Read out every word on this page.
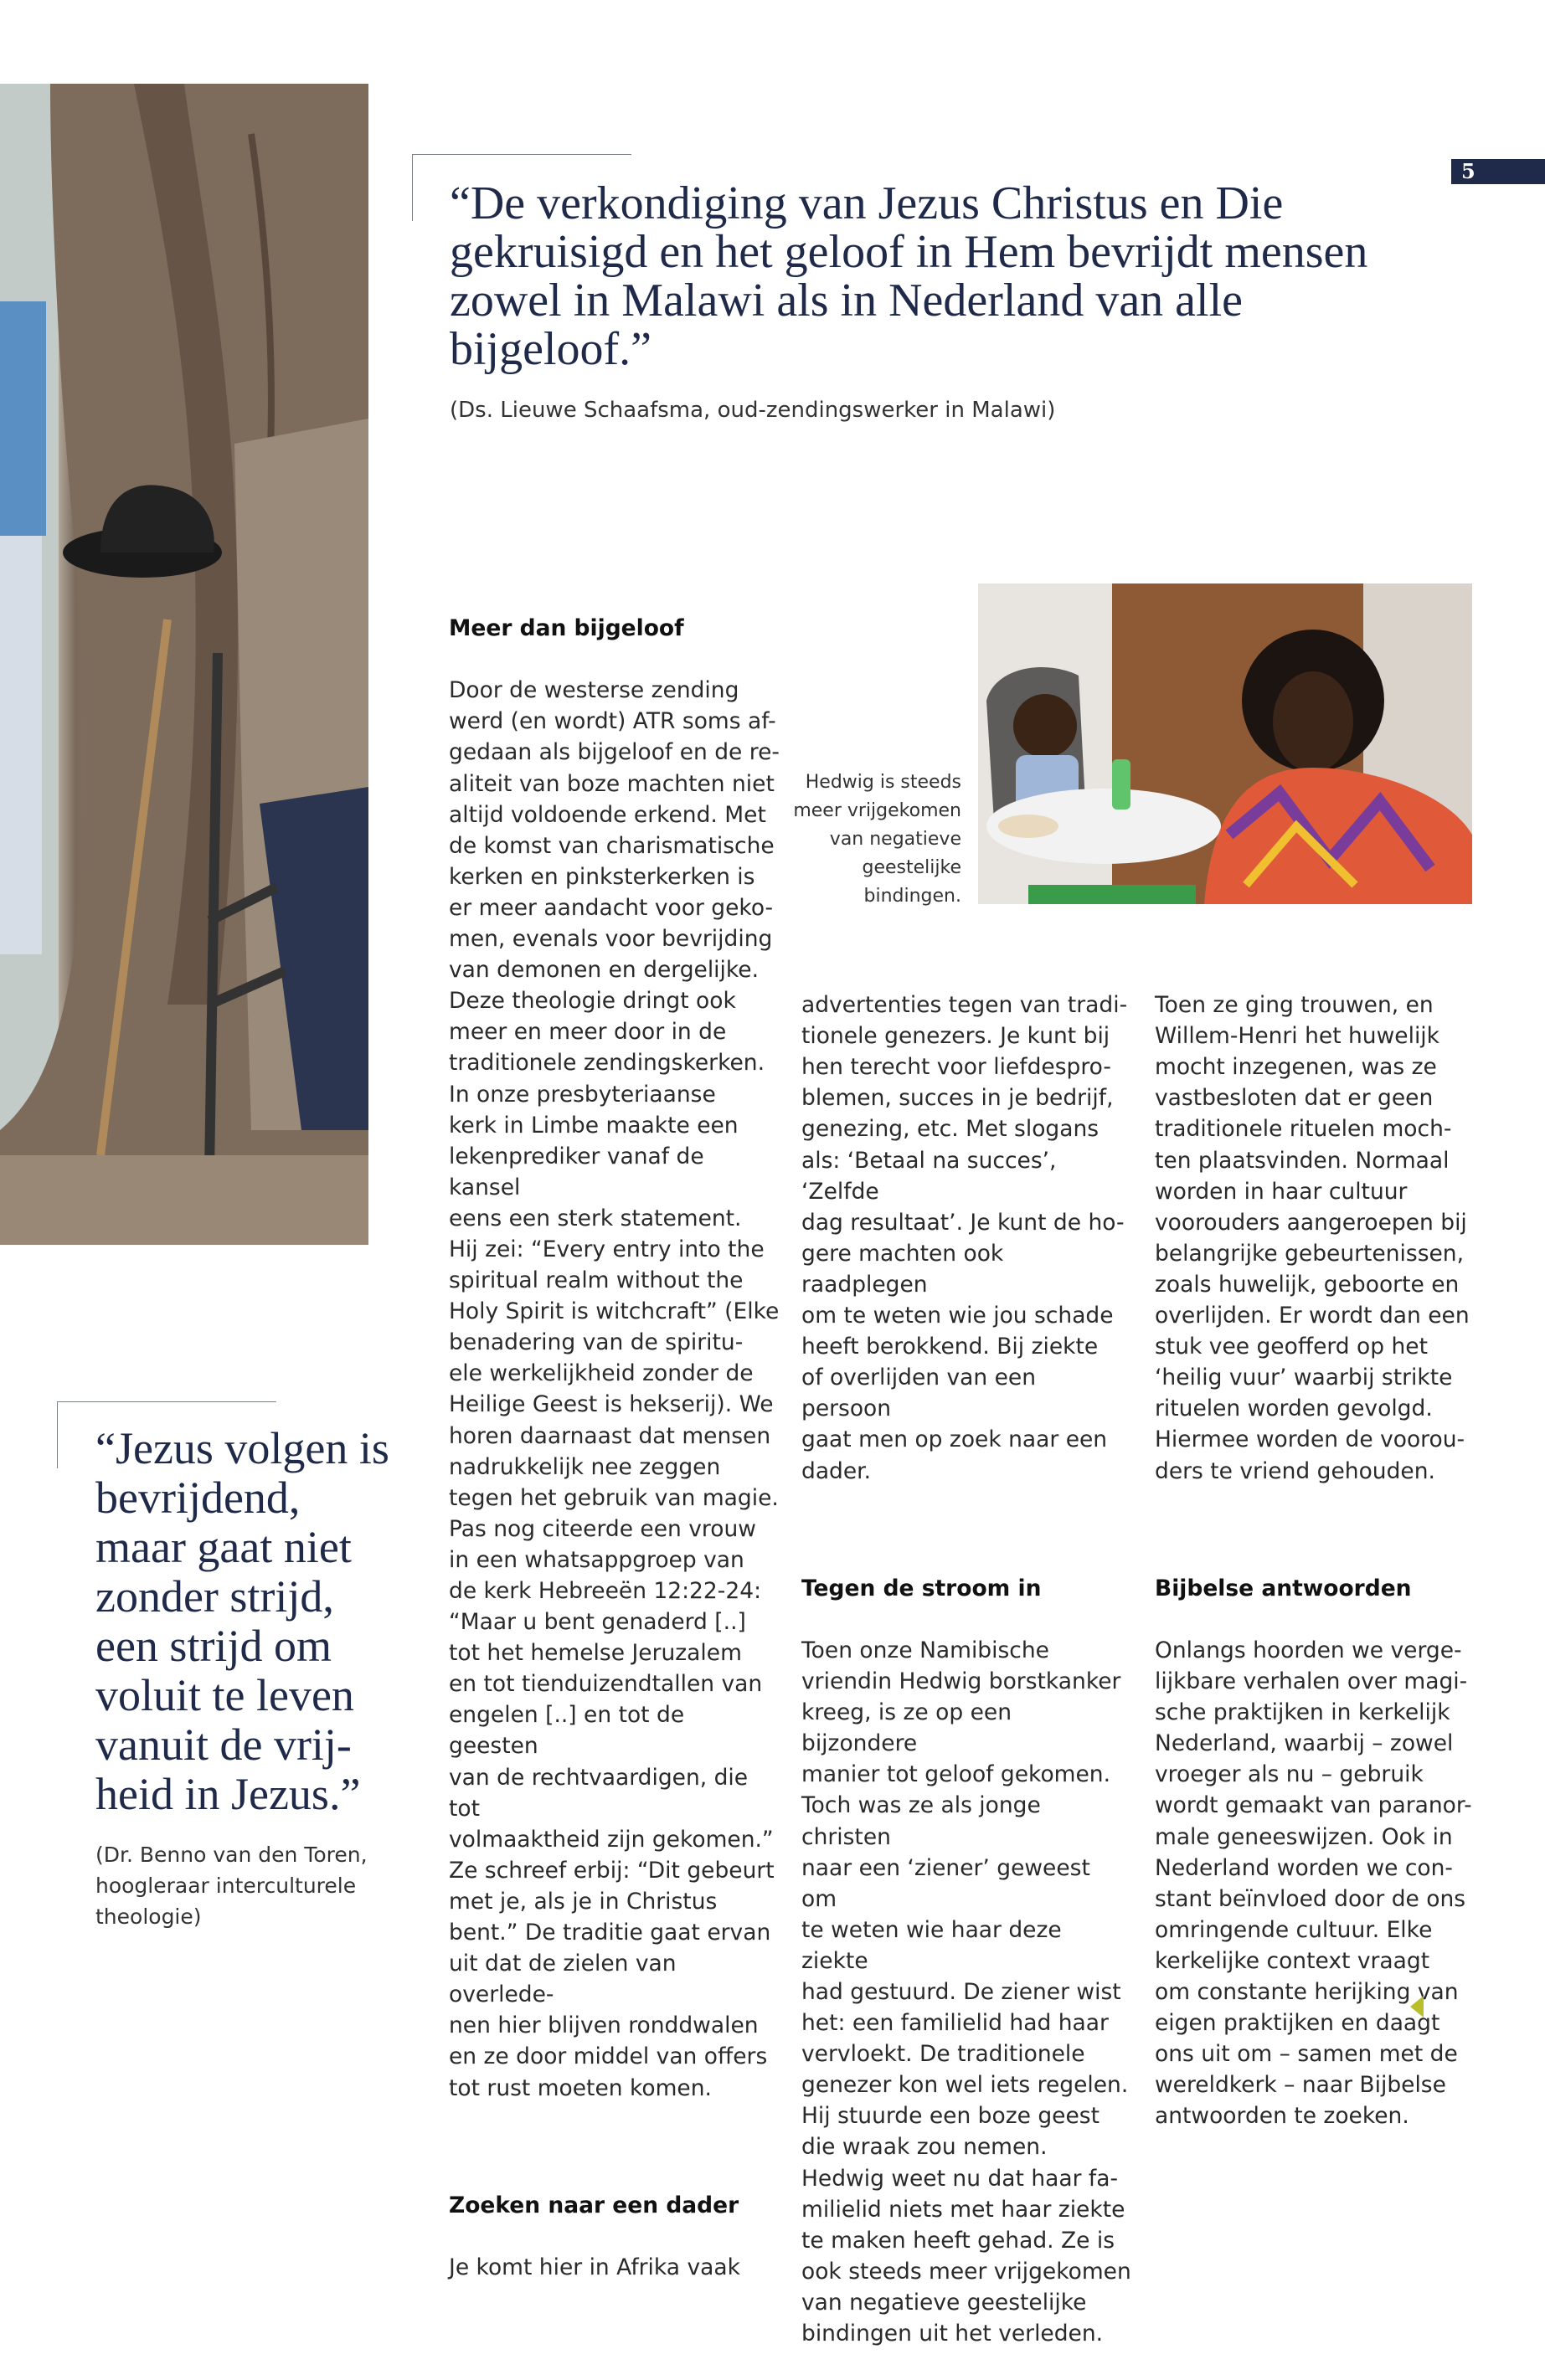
5
“De verkondiging van Jezus Christus en Die gekruisigd en het geloof in Hem bevrijdt mensen zowel in Malawi als in Nederland van alle bijgeloof.”
(Ds. Lieuwe Schaafsma, oud-zendingswerker in Malawi)
“Jezus volgen is bevrijdend, maar gaat niet zonder strijd, een strijd om voluit te leven vanuit de vrij-heid in Jezus.”
(Dr. Benno van den Toren, hoogleraar interculturele theologie)

Meer dan bijgeloof

Door de westerse zending
werd (en wordt) ATR soms af-
gedaan als bijgeloof en de re-
aliteit van boze machten niet
altijd voldoende erkend. Met
de komst van charismatische
kerken en pinksterkerken is
er meer aandacht voor geko-
men, evenals voor bevrijding
van demonen en dergelijke.
Deze theologie dringt ook
meer en meer door in de
traditionele zendingskerken.
In onze presbyteriaanse
kerk in Limbe maakte een
lekenprediker vanaf de kansel
eens een sterk statement.
Hij zei: “Every entry into the
spiritual realm without the
Holy Spirit is witchcraft” (Elke
benadering van de spiritu-
ele werkelijkheid zonder de
Heilige Geest is hekserij). We
horen daarnaast dat mensen
nadrukkelijk nee zeggen
tegen het gebruik van magie.
Pas nog citeerde een vrouw
in een whatsappgroep van
de kerk Hebreeën 12:22-24:
“Maar u bent genaderd [..]
tot het hemelse Jeruzalem
en tot tienduizendtallen van
engelen [..] en tot de geesten
van de rechtvaardigen, die tot
volmaaktheid zijn gekomen.”
Ze schreef erbij: “Dit gebeurt
met je, als je in Christus
bent.” De traditie gaat ervan
uit dat de zielen van overlede-
nen hier blijven ronddwalen
en ze door middel van offers
tot rust moeten komen.

Zoeken naar een dader

Je komt hier in Afrika vaak

Hedwig is steeds
meer vrijgekomen
van negatieve
geestelijke
bindingen.

advertenties tegen van tradi-
tionele genezers. Je kunt bij
hen terecht voor liefdespro-
blemen, succes in je bedrijf,
genezing, etc. Met slogans
als: ‘Betaal na succes’, ‘Zelfde
dag resultaat’. Je kunt de ho-
gere machten ook raadplegen
om te weten wie jou schade
heeft berokkend. Bij ziekte
of overlijden van een persoon
gaat men op zoek naar een
dader.

Tegen de stroom in

Toen onze Namibische
vriendin Hedwig borstkanker
kreeg, is ze op een bijzondere
manier tot geloof gekomen.
Toch was ze als jonge christen
naar een ‘ziener’ geweest om
te weten wie haar deze ziekte
had gestuurd. De ziener wist
het: een familielid had haar
vervloekt. De traditionele
genezer kon wel iets regelen.
Hij stuurde een boze geest
die wraak zou nemen.
Hedwig weet nu dat haar fa-
milielid niets met haar ziekte
te maken heeft gehad. Ze is
ook steeds meer vrijgekomen
van negatieve geestelijke
bindingen uit het verleden.

Toen ze ging trouwen, en
Willem-Henri het huwelijk
mocht inzegenen, was ze
vastbesloten dat er geen
traditionele rituelen moch-
ten plaatsvinden. Normaal
worden in haar cultuur
voorouders aangeroepen bij
belangrijke gebeurtenissen,
zoals huwelijk, geboorte en
overlijden. Er wordt dan een
stuk vee geofferd op het
‘heilig vuur’ waarbij strikte
rituelen worden gevolgd.
Hiermee worden de voorou-
ders te vriend gehouden.

Bijbelse antwoorden

Onlangs hoorden we verge-
lijkbare verhalen over magi-
sche praktijken in kerkelijk
Nederland, waarbij – zowel
vroeger als nu – gebruik
wordt gemaakt van paranor-
male geneeswijzen. Ook in
Nederland worden we con-
stant beïnvloed door de ons
omringende cultuur. Elke
kerkelijke context vraagt
om constante herijking van
eigen praktijken en daagt
ons uit om – samen met de
wereldkerk – naar Bijbelse
antwoorden te zoeken.
